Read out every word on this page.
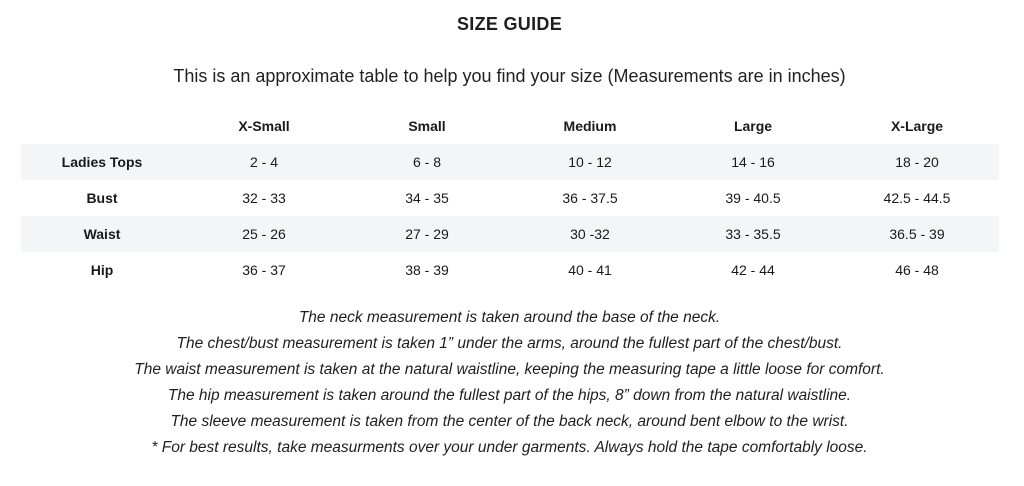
SIZE GUIDE
This is an approximate table to help you find your size (Measurements are in inches)
	X-Small	Small	Medium	Large	X-Large
Ladies Tops	2 - 4	6 - 8	10 - 12	14 - 16	18 - 20
Bust	32 - 33	34 - 35	36 - 37.5	39 - 40.5	42.5 - 44.5
Waist	25 - 26	27 - 29	30 -32	33 - 35.5	36.5 - 39
Hip	36 - 37	38 - 39	40 - 41	42 - 44	46 - 48
The neck measurement is taken around the base of the neck.
The chest/bust measurement is taken 1” under the arms, around the fullest part of the chest/bust.
The waist measurement is taken at the natural waistline, keeping the measuring tape a little loose for comfort.
The hip measurement is taken around the fullest part of the hips, 8” down from the natural waistline.
The sleeve measurement is taken from the center of the back neck, around bent elbow to the wrist.
* For best results, take measurments over your under garments. Always hold the tape comfortably loose.
